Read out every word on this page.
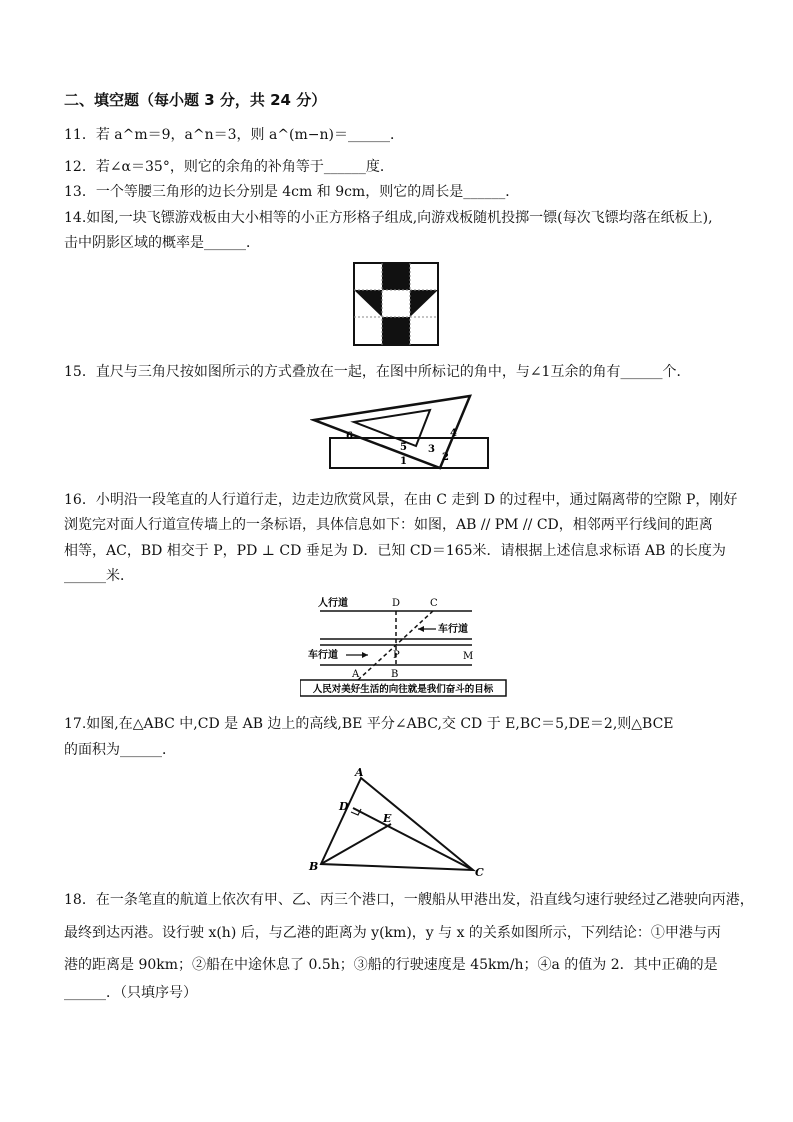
二、填空题（每小题 3 分，共 24 分）
11．若 a^m＝9，a^n＝3，则 a^(m−n)＝______．
12．若∠α＝35°，则它的余角的补角等于______度．
13．一个等腰三角形的边长分别是 4cm 和 9cm，则它的周长是______．
14.如图,一块飞镖游戏板由大小相等的小正方形格子组成,向游戏板随机投掷一镖(每次飞镖均落在纸板上),
击中阴影区域的概率是______．
15．直尺与三角尺按如图所示的方式叠放在一起，在图中所标记的角中，与∠1互余的角有______个．
6
5
1
3
4
2
16．小明沿一段笔直的人行道行走，边走边欣赏风景，在由 C 走到 D 的过程中，通过隔离带的空隙 P，刚好
浏览完对面人行道宣传墙上的一条标语，具体信息如下：如图，AB // PM // CD，相邻两平行线间的距离
相等，AC，BD 相交于 P，PD ⊥ CD 垂足为 D．已知 CD＝165米．请根据上述信息求标语 AB 的长度为
______米．
人行道	D	C
车行道
车行道	P	M
A	B
人民对美好生活的向往就是我们奋斗的目标
17.如图,在△ABC 中,CD 是 AB 边上的高线,BE 平分∠ABC,交 CD 于 E,BC＝5,DE＝2,则△BCE
的面积为______．
A
D
E
B	C
18．在一条笔直的航道上依次有甲、乙、丙三个港口，一艘船从甲港出发，沿直线匀速行驶经过乙港驶向丙港，
最终到达丙港。设行驶 x(h) 后，与乙港的距离为 y(km)，y 与 x 的关系如图所示，下列结论：①甲港与丙
港的距离是 90km；②船在中途休息了 0.5h；③船的行驶速度是 45km/h；④a 的值为 2．其中正确的是
______．（只填序号）
